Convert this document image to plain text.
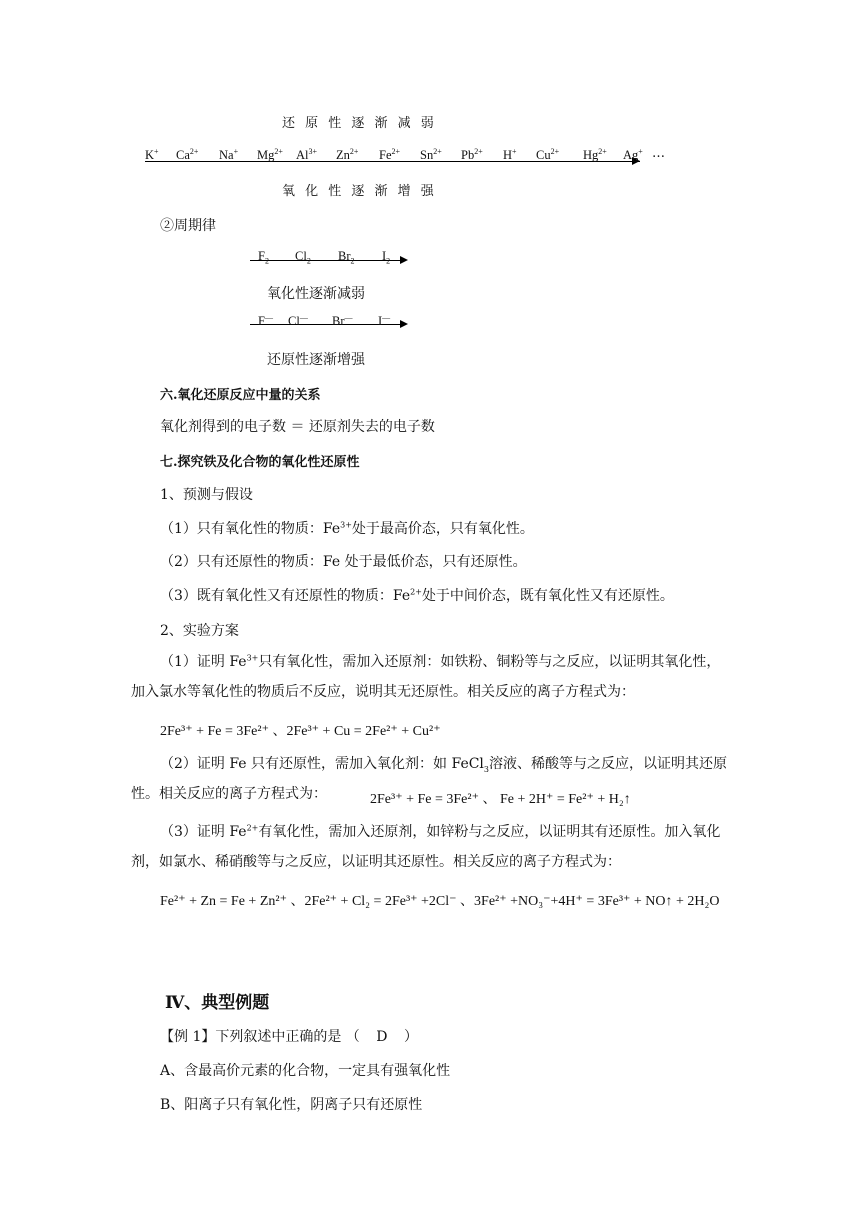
还 原 性 逐 渐 减 弱
K+ $Ca^{2+}$ Na+ $Mg^{2+}$ $Al^{3+}$ $Zn^{2+}$ $Fe^{2+}$ $Sn^{2+}$ $Pb^{2+}$ H+ $Cu^{2+}$ $Hg^{2+}$ Ag+ …
氧 化 性 逐 渐 增 强
②周期律
$F_2$ $Cl_2$ $Br_2$ $I_2$
氧化性逐渐减弱
F— Cl— Br— I—
还原性逐渐增强
六.氧化还原反应中量的关系
氧化剂得到的电子数 ＝ 还原剂失去的电子数
七.探究铁及化合物的氧化性还原性
1、预测与假设
（1）只有氧化性的物质：$Fe^{3+}$处于最高价态，只有氧化性。
（2）只有还原性的物质：Fe 处于最低价态，只有还原性。
（3）既有氧化性又有还原性的物质：$Fe^{2+}$处于中间价态，既有氧化性又有还原性。
2、实验方案
（1）证明 $Fe^{3+}$只有氧化性，需加入还原剂：如铁粉、铜粉等与之反应，以证明其氧化性，加入氯水等氧化性的物质后不反应，说明其无还原性。相关反应的离子方程式为：
2Fe³⁺ + Fe = 3Fe²⁺ 、2Fe³⁺ + Cu = 2Fe²⁺ + Cu²⁺
（2）证明 Fe 只有还原性，需加入氧化剂：如 FeCl$_3$溶液、稀酸等与之反应，以证明其还原性。相关反应的离子方程式为：	2Fe³⁺ + Fe = 3Fe²⁺ 、 Fe + 2H⁺ = Fe²⁺ + H₂↑
（3）证明 $Fe^{2+}$有氧化性，需加入还原剂，如锌粉与之反应，以证明其有还原性。加入氧化剂，如氯水、稀硝酸等与之反应，以证明其还原性。相关反应的离子方程式为：
Fe²⁺ + Zn = Fe + Zn²⁺ 、2Fe²⁺ + Cl₂ = 2Fe³⁺ +2Cl⁻ 、3Fe²⁺ +NO₃⁻+4H⁺ = 3Fe³⁺ + NO↑ + 2H₂O
Ⅳ、典型例题
【例 1】下列叙述中正确的是 （ D ）
A、含最高价元素的化合物，一定具有强氧化性
B、阳离子只有氧化性，阴离子只有还原性
